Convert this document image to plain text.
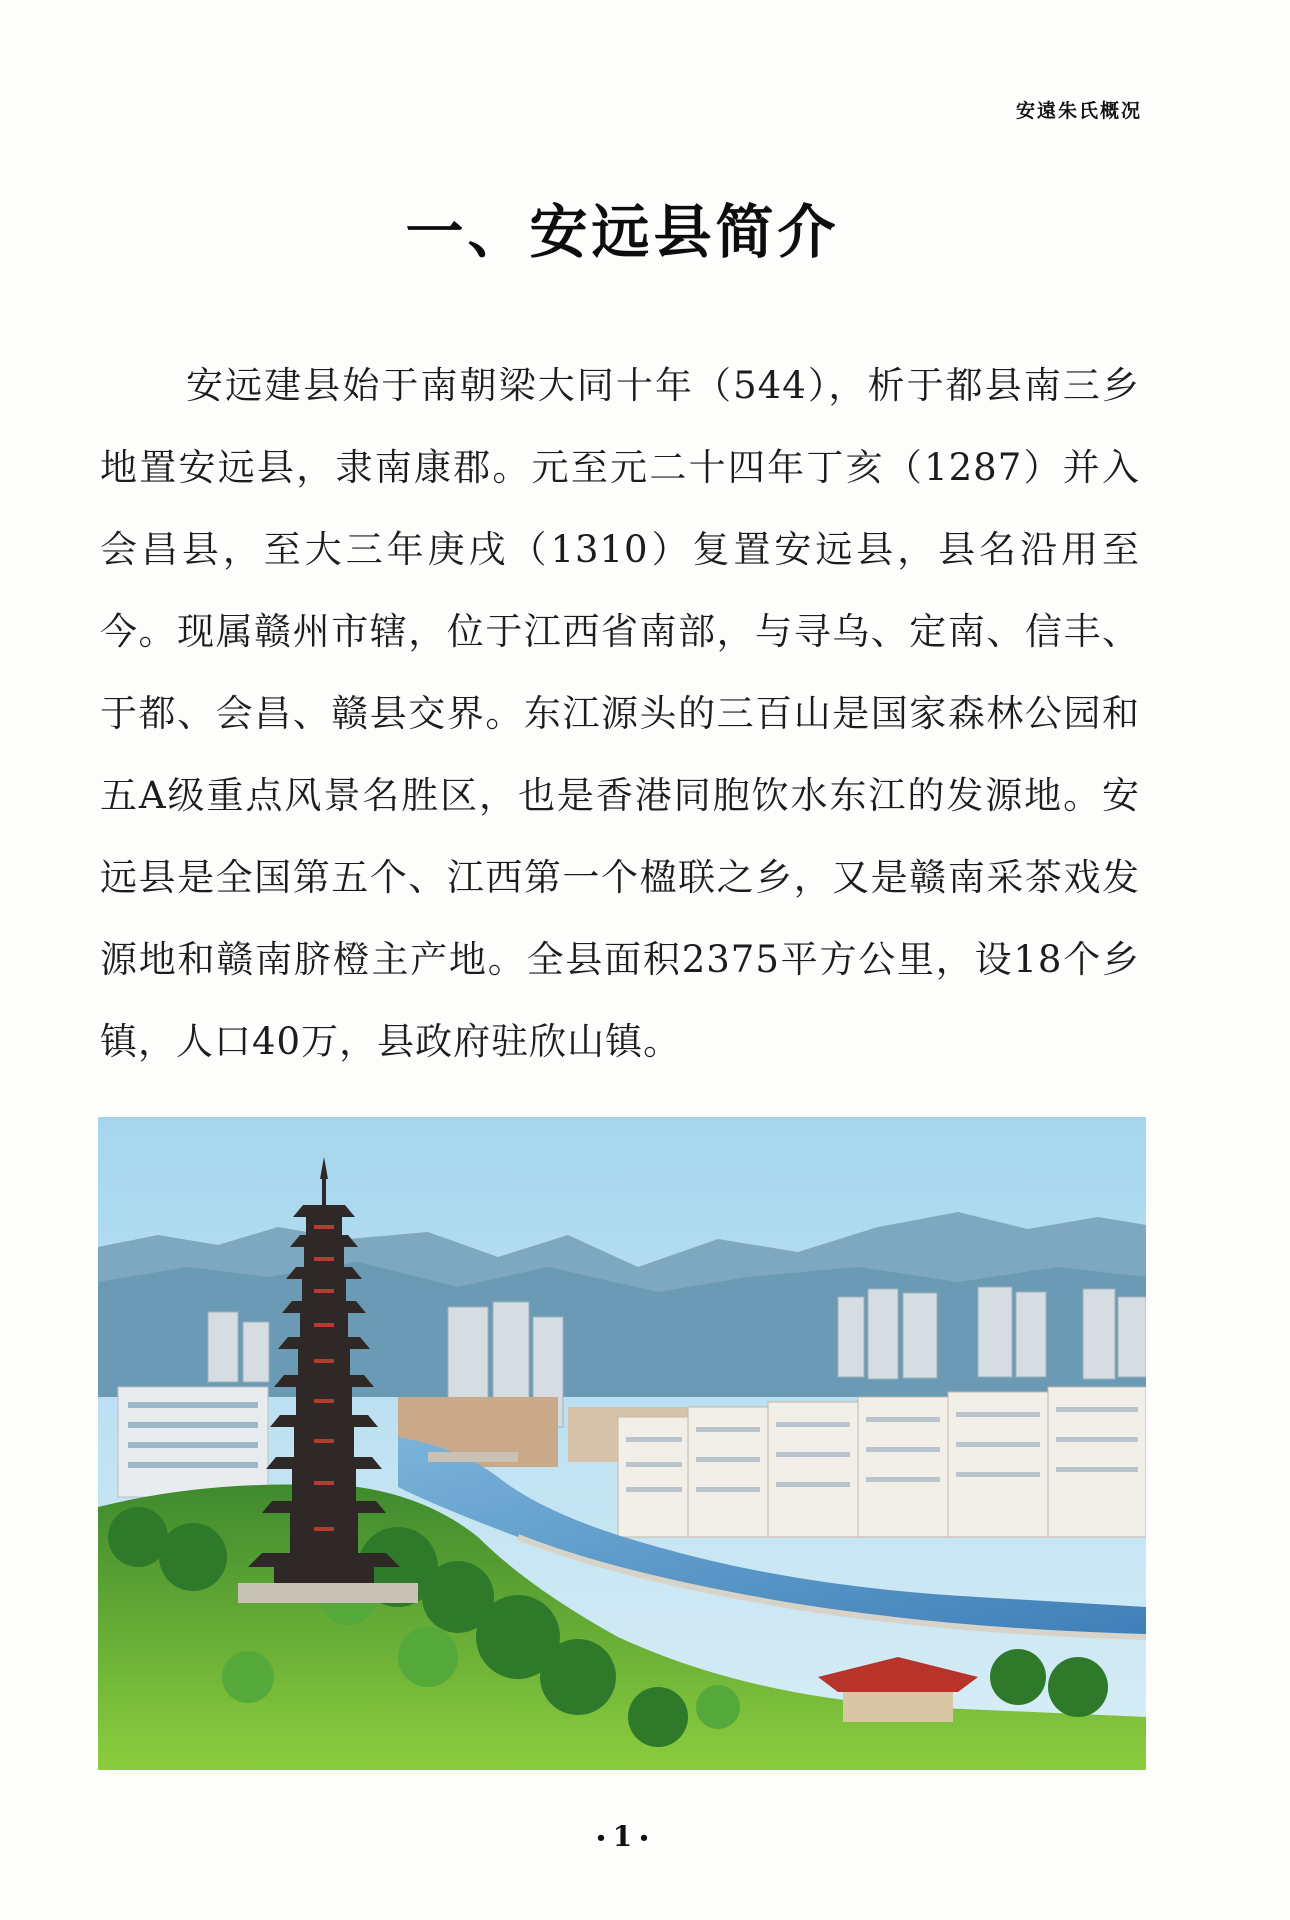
安遠朱氏概况
一、安远县简介

安远建县始于南朝梁大同十年（544），析于都县南三乡地置安远县，隶南康郡。元至元二十四年丁亥（1287）并入会昌县，至大三年庚戌（1310）复置安远县，县名沿用至今。现属赣州市辖，位于江西省南部，与寻乌、定南、信丰、于都、会昌、赣县交界。东江源头的三百山是国家森林公园和五A级重点风景名胜区，也是香港同胞饮水东江的发源地。安远县是全国第五个、江西第一个楹联之乡，又是赣南采茶戏发源地和赣南脐橙主产地。全县面积2375平方公里，设18个乡镇，人口40万，县政府驻欣山镇。

• 1 •
